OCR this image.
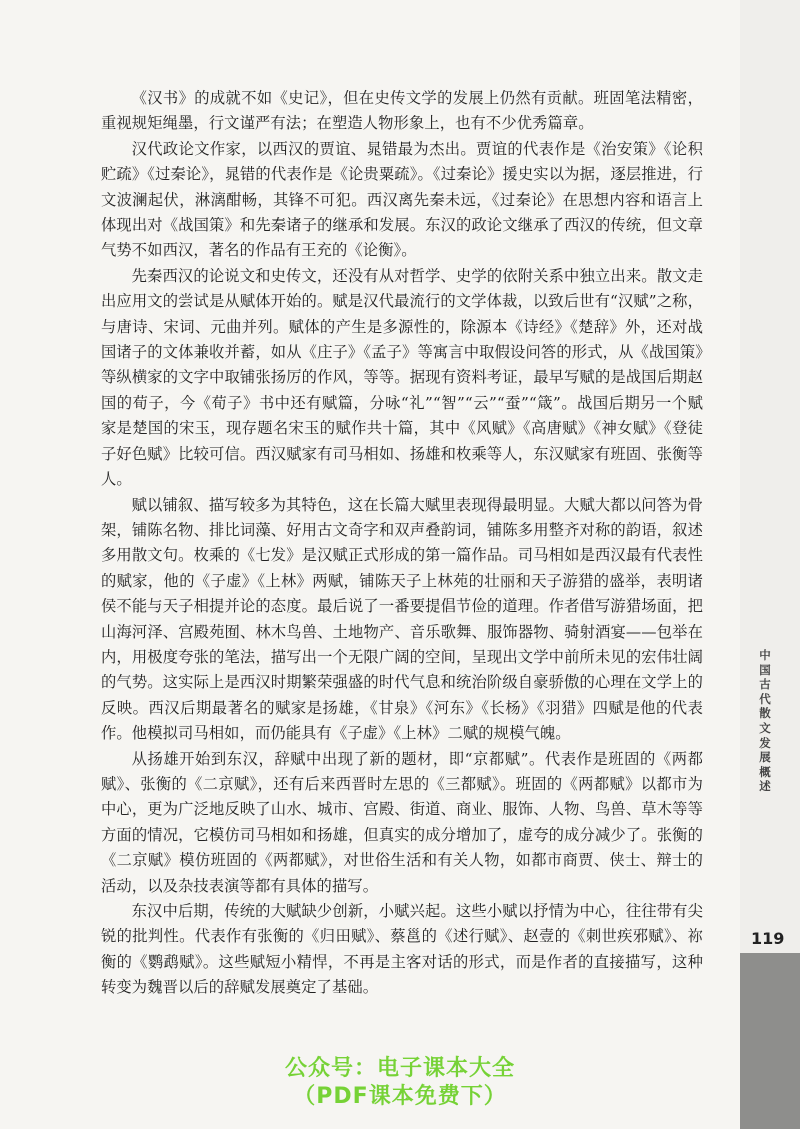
《汉书》的成就不如《史记》，但在史传文学的发展上仍然有贡献。班固笔法精密，重视规矩绳墨，行文谨严有法；在塑造人物形象上，也有不少优秀篇章。

汉代政论文作家，以西汉的贾谊、晁错最为杰出。贾谊的代表作是《治安策》《论积贮疏》《过秦论》，晁错的代表作是《论贵粟疏》。《过秦论》援史实以为据，逐层推进，行文波澜起伏，淋漓酣畅，其锋不可犯。西汉离先秦未远，《过秦论》在思想内容和语言上体现出对《战国策》和先秦诸子的继承和发展。东汉的政论文继承了西汉的传统，但文章气势不如西汉，著名的作品有王充的《论衡》。

先秦西汉的论说文和史传文，还没有从对哲学、史学的依附关系中独立出来。散文走出应用文的尝试是从赋体开始的。赋是汉代最流行的文学体裁，以致后世有“汉赋”之称，与唐诗、宋词、元曲并列。赋体的产生是多源性的，除源本《诗经》《楚辞》外，还对战国诸子的文体兼收并蓄，如从《庄子》《孟子》等寓言中取假设问答的形式，从《战国策》等纵横家的文字中取铺张扬厉的作风，等等。据现有资料考证，最早写赋的是战国后期赵国的荀子，今《荀子》书中还有赋篇，分咏“礼”“智”“云”“蚕”“箴”。战国后期另一个赋家是楚国的宋玉，现存题名宋玉的赋作共十篇，其中《风赋》《高唐赋》《神女赋》《登徒子好色赋》比较可信。西汉赋家有司马相如、扬雄和枚乘等人，东汉赋家有班固、张衡等人。

赋以铺叙、描写较多为其特色，这在长篇大赋里表现得最明显。大赋大都以问答为骨架，铺陈名物、排比词藻、好用古文奇字和双声叠韵词，铺陈多用整齐对称的韵语，叙述多用散文句。枚乘的《七发》是汉赋正式形成的第一篇作品。司马相如是西汉最有代表性的赋家，他的《子虚》《上林》两赋，铺陈天子上林苑的壮丽和天子游猎的盛举，表明诸侯不能与天子相提并论的态度。最后说了一番要提倡节俭的道理。作者借写游猎场面，把山海河泽、宫殿苑囿、林木鸟兽、土地物产、音乐歌舞、服饰器物、骑射酒宴——包举在内，用极度夸张的笔法，描写出一个无限广阔的空间，呈现出文学中前所未见的宏伟壮阔的气势。这实际上是西汉时期繁荣强盛的时代气息和统治阶级自豪骄傲的心理在文学上的反映。西汉后期最著名的赋家是扬雄，《甘泉》《河东》《长杨》《羽猎》四赋是他的代表作。他模拟司马相如，而仍能具有《子虚》《上林》二赋的规模气魄。

从扬雄开始到东汉，辞赋中出现了新的题材，即“京都赋”。代表作是班固的《两都赋》、张衡的《二京赋》，还有后来西晋时左思的《三都赋》。班固的《两都赋》以都市为中心，更为广泛地反映了山水、城市、宫殿、街道、商业、服饰、人物、鸟兽、草木等等方面的情况，它模仿司马相如和扬雄，但真实的成分增加了，虚夸的成分减少了。张衡的《二京赋》模仿班固的《两都赋》，对世俗生活和有关人物，如都市商贾、侠士、辩士的活动，以及杂技表演等都有具体的描写。

东汉中后期，传统的大赋缺少创新，小赋兴起。这些小赋以抒情为中心，往往带有尖锐的批判性。代表作有张衡的《归田赋》、蔡邕的《述行赋》、赵壹的《刺世疾邪赋》、祢衡的《鹦鹉赋》。这些赋短小精悍，不再是主客对话的形式，而是作者的直接描写，这种转变为魏晋以后的辞赋发展奠定了基础。

中国古代散文发展概述
119
公众号：电子课本大全
（PDF课本免费下）
